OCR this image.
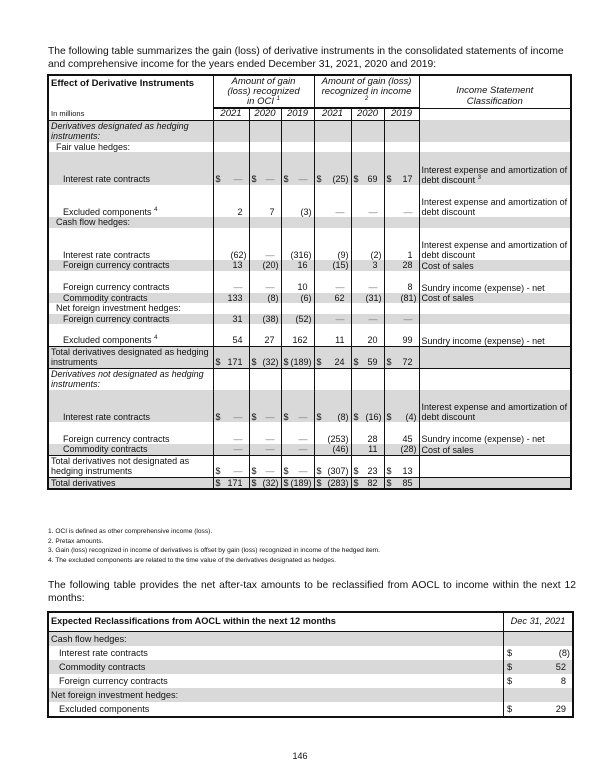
The following table summarizes the gain (loss) of derivative instruments in the consolidated statements of income and comprehensive income for the years ended December 31, 2021, 2020 and 2019:
Effect of Derivative Instruments	Amount of gain (loss) recognized in OCI $^1$			Amount of gain (loss) recognized in income $^2$			Income Statement Classification

In millions	2021	2020	2019	2021	2020	2019	
Derivatives designated as hedging instruments:							
Fair value hedges:							
Interest rate contracts	$ —	$ —	$ —	$ (25)	$ 69	$ 17	Interest expense and amortization of debt discount $^3$
Excluded components $^4$	2	7	(3)	—	—	—	Interest expense and amortization of debt discount
Cash flow hedges:							
Interest rate contracts	(62)	—	(316)	(9)	(2)	1	Interest expense and amortization of debt discount
Foreign currency contracts	13	(20)	16	(15)	3	28	Cost of sales
Foreign currency contracts	—	—	10	—	—	8	Sundry income (expense) - net
Commodity contracts	133	(8)	(6)	62	(31)	(81)	Cost of sales
Net foreign investment hedges:							
Foreign currency contracts	31	(38)	(52)	—	—	—	
Excluded components $^4$	54	27	162	11	20	99	Sundry income (expense) - net
Total derivatives designated as hedging instruments	$ 171	$ (32)	$ (189)	$ 24	$ 59	$ 72	
Derivatives not designated as hedging instruments:							
Interest rate contracts	$ —	$ —	$ —	$ (8)	$ (16)	$ (4)	Interest expense and amortization of debt discount
Foreign currency contracts	—	—	—	(253)	28	45	Sundry income (expense) - net
Commodity contracts	—	—	—	(46)	11	(28)	Cost of sales
Total derivatives not designated as hedging instruments	$ —	$ —	$ —	$ (307)	$ 23	$ 13	
Total derivatives	$ 171	$ (32)	$ (189)	$ (283)	$ 82	$ 85	
1. OCI is defined as other comprehensive income (loss).
2. Pretax amounts.
3. Gain (loss) recognized in income of derivatives is offset by gain (loss) recognized in income of the hedged item.
4. The excluded components are related to the time value of the derivatives designated as hedges.
The following table provides the net after-tax amounts to be reclassified from AOCL to income within the next 12 months:
Expected Reclassifications from AOCL within the next 12 months	Dec 31, 2021
Cash flow hedges:	

Interest rate contracts	$ (8)
Commodity contracts	$ 52
Foreign currency contracts	$ 8
Net foreign investment hedges:	

Excluded components	$ 29
146
